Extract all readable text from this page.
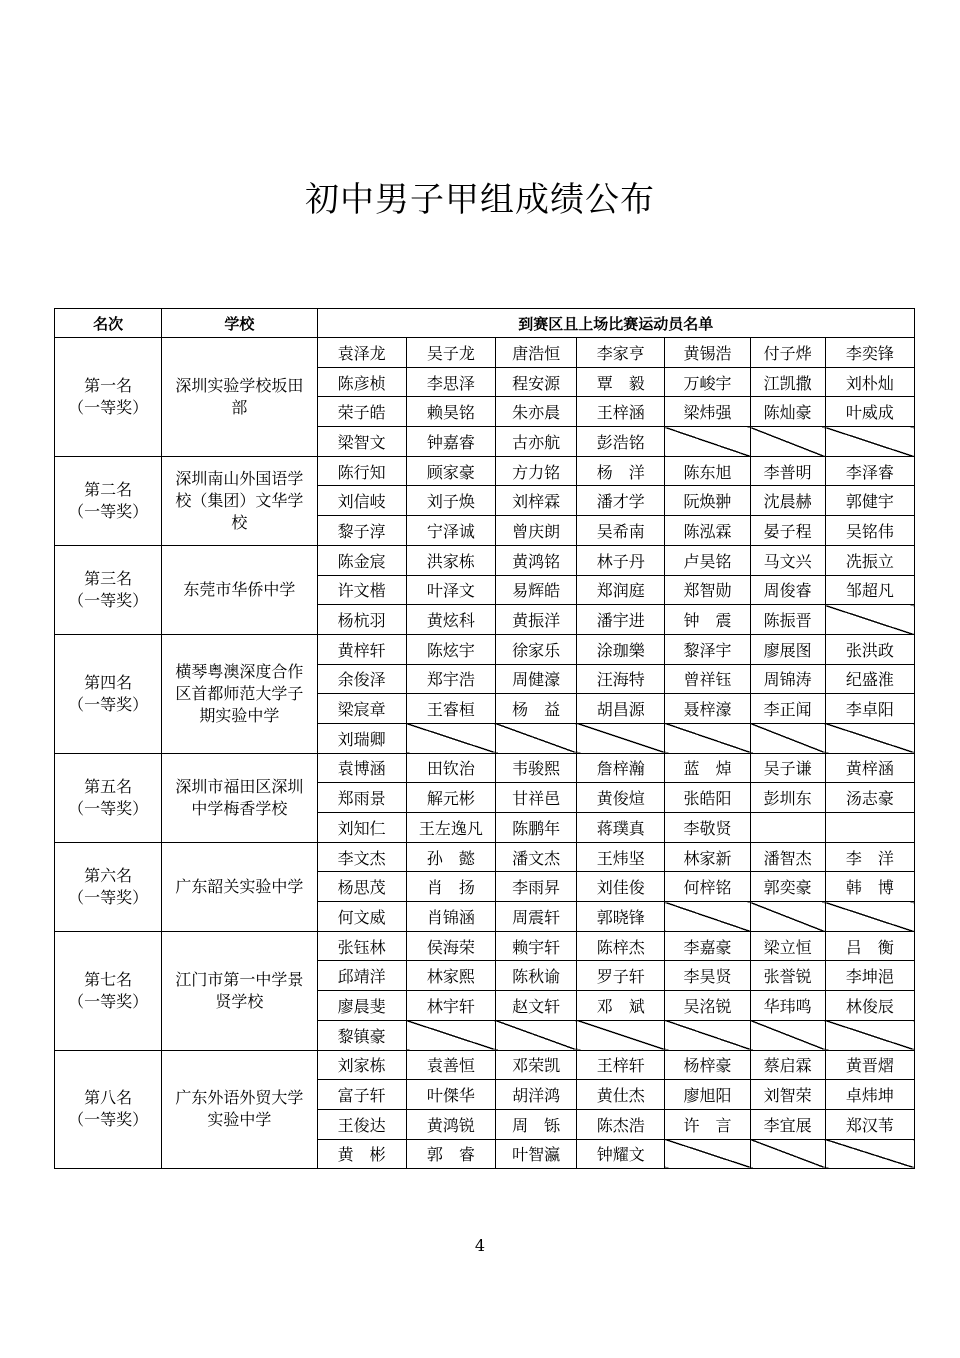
初中男子甲组成绩公布
名次	学校	到赛区且上场比赛运动员名单						

第一名
（一等奖）	深圳实验学校坂田部	袁泽龙	吴子龙	唐浩恒	李家亨	黄锡浩	付子烨	李奕锋
		陈彦桢	李思泽	程安源	覃　毅	万峻宇	江凯撒	刘朴灿
		荣子皓	赖昊铭	朱亦晨	王梓涵	梁炜强	陈灿豪	叶威成
		梁智文	钟嘉睿	古亦航	彭浩铭			

第二名
（一等奖）	深圳南山外国语学校（集团）文华学校	陈行知	顾家豪	方力铭	杨　洋	陈东旭	李普明	李泽睿
		刘信岐	刘子焕	刘梓霖	潘才学	阮焕翀	沈晨赫	郭健宇
		黎子淳	宁泽诚	曾庆朗	吴希南	陈泓霖	晏子程	吴铭伟

第三名
（一等奖）	东莞市华侨中学	陈金宸	洪家栋	黄鸿铭	林子丹	卢昊铭	马文兴	冼振立
		许文楷	叶泽文	易辉皓	郑润庭	郑智勋	周俊睿	邹超凡
		杨杭羽	黄炫科	黄振洋	潘宇进	钟　震	陈振晋	

第四名
（一等奖）	横琴粤澳深度合作区首都师范大学子期实验中学	黄梓轩	陈炫宇	徐家乐	涂珈樂	黎泽宇	廖展图	张洪政
		余俊泽	郑宇浩	周健濠	汪海特	曾祥钰	周锦涛	纪盛淮
		梁宸章	王睿桓	杨　益	胡昌源	聂梓濠	李正闻	李卓阳
		刘瑞卿						

第五名
（一等奖）	深圳市福田区深圳中学梅香学校	袁博涵	田钦治	韦骏熙	詹梓瀚	蓝　焯	吴子谦	黄梓涵
		郑雨景	解元彬	甘祥邑	黄俊煊	张皓阳	彭圳东	汤志豪
		刘知仁	王左逸凡	陈鹏年	蒋璞真	李敬贤		

第六名
（一等奖）	广东韶关实验中学	李文杰	孙　懿	潘文杰	王炜坚	林家新	潘智杰	李　洋
		杨思茂	肖　扬	李雨昇	刘佳俊	何梓铭	郭奕豪	韩　博
		何文威	肖锦涵	周震轩	郭晓锋			

第七名
（一等奖）	江门市第一中学景贤学校	张钰林	侯海荣	赖宇轩	陈梓杰	李嘉豪	梁立恒	吕　衡
		邱靖洋	林家熙	陈秋谕	罗子轩	李昊贤	张誉锐	李坤浥
		廖晨斐	林宇轩	赵文轩	邓　斌	吴洺锐	华玮鸣	林俊辰
		黎镇豪						

第八名
（一等奖）	广东外语外贸大学实验中学	刘家栋	袁善恒	邓荣凯	王梓轩	杨梓豪	蔡启霖	黄晋熠
		富子轩	叶傑华	胡洋鸿	黄仕杰	廖旭阳	刘智荣	卓炜坤
		王俊达	黄鸿锐	周　铄	陈杰浩	许　言	李宜展	郑汉苇
		黄　彬	郭　睿	叶智瀛	钟耀文			
4
